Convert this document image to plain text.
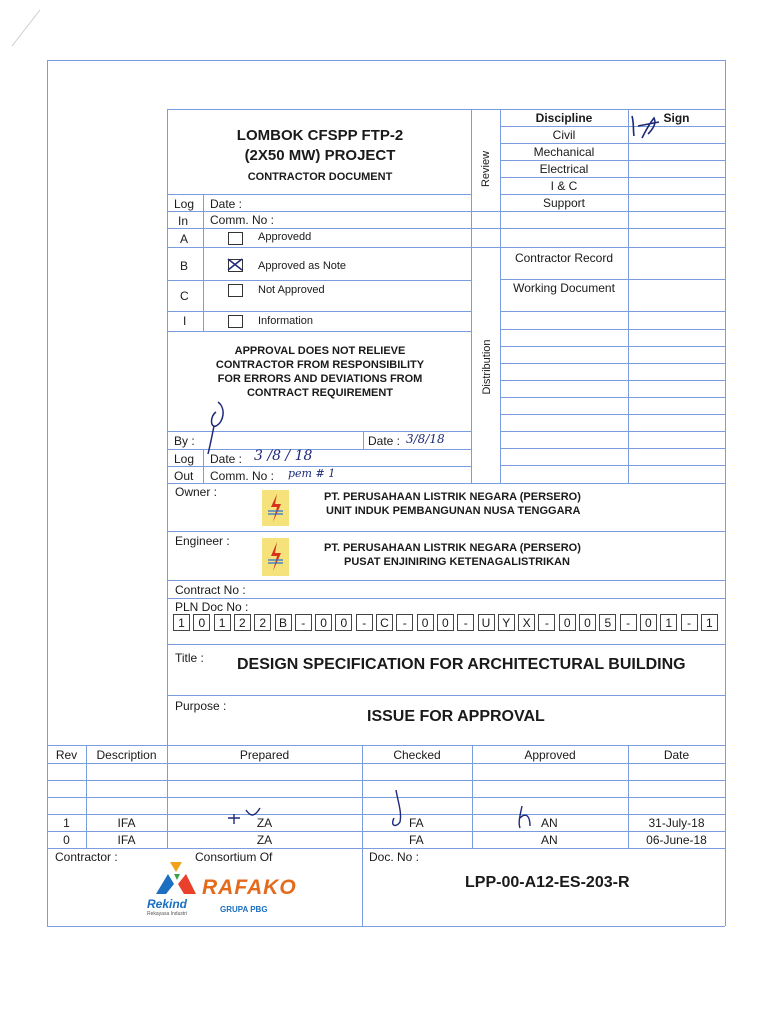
LOMBOK CFSPP FTP-2
(2X50 MW) PROJECT
CONTRACTOR DOCUMENT	Review
Discipline	Sign
Civil
Mechanical
Electrical
I & C
Support
Log
In
Date :
Comm. No :
A	Approvedd
B	Approved as Note
C	Not Approved
I	Information
Distribution
Contractor Record
Working Document
APPROVAL DOES NOT RELIEVE
CONTRACTOR FROM RESPONSIBILITY
FOR ERRORS AND DEVIATIONS FROM
CONTRACT REQUIREMENT
By :	Date : 3/8/18
Log
Out
Date : 3 /8 / 18
Comm. No : pem # 1
Owner :	PT. PERUSAHAAN LISTRIK NEGARA (PERSERO)
UNIT INDUK PEMBANGUNAN NUSA TENGGARA
Engineer :	PT. PERUSAHAAN LISTRIK NEGARA (PERSERO)
PUSAT ENJINIRING KETENAGALISTRIKAN
Contract No :
PLN Doc No :
1	0	1	2	2	B	-	0	0	-	C	-	0	0	-	U Y	X	-	0	0	5	-	0	1	-	1
Title : DESIGN SPECIFICATION FOR ARCHITECTURAL BUILDING
Purpose :
ISSUE FOR APPROVAL
Rev	Description	Prepared	Checked	Approved	Date
1	IFA	ZA	FA	AN	31-July-18
0	IFA	ZA	FA	AN	06-June-18
Contractor :	Consortium Of	Doc. No :
LPP-00-A12-ES-203-R
Rekind
Rekayasa Industri
RAFAKO
GRUPA PBG
